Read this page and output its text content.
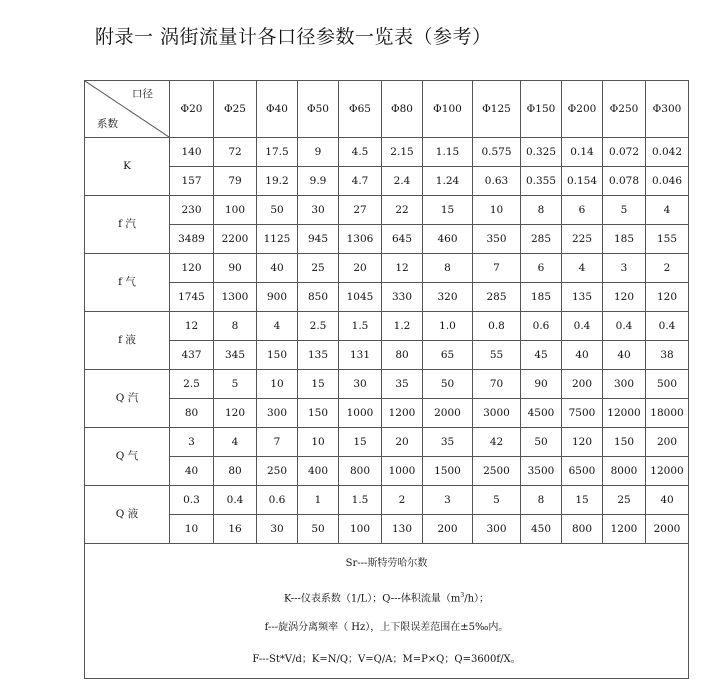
附录一 涡街流量计各口径参数一览表（参考）
口径
系数	Φ20	Φ25	Φ40	Φ50	Φ65	Φ80	Φ100	Φ125	Φ150	Φ200	Φ250	Φ300
K	140	72	17.5	9	4.5	2.15	1.15	0.575	0.325	0.14	0.072	0.042
	157	79	19.2	9.9	4.7	2.4	1.24	0.63	0.355	0.154	0.078	0.046
f 汽	230	100	50	30	27	22	15	10	8	6	5	4
	3489	2200	1125	945	1306	645	460	350	285	225	185	155
f 气	120	90	40	25	20	12	8	7	6	4	3	2
	1745	1300	900	850	1045	330	320	285	185	135	120	120
f 液	12	8	4	2.5	1.5	1.2	1.0	0.8	0.6	0.4	0.4	0.4
	437	345	150	135	131	80	65	55	45	40	40	38
Q 汽	2.5	5	10	15	30	35	50	70	90	200	300	500
	80	120	300	150	1000	1200	2000	3000	4500	7500	12000	18000
Q 气	3	4	7	10	15	20	35	42	50	120	150	200
	40	80	250	400	800	1000	1500	2500	3500	6500	8000	12000
Q 液	0.3	0.4	0.6	1	1.5	2	3	5	8	15	25	40
	10	16	30	50	100	130	200	300	450	800	1200	2000

Sr---斯特劳哈尔数
K---仪表系数（1/L）；Q---体积流量$(m^3/h)$；
f---旋涡分离频率（ Hz），上下限误差范围在±5‰内。
F---St*V/d；K=N/Q；V=Q/A；M=P×Q；Q=3600f/X。												
